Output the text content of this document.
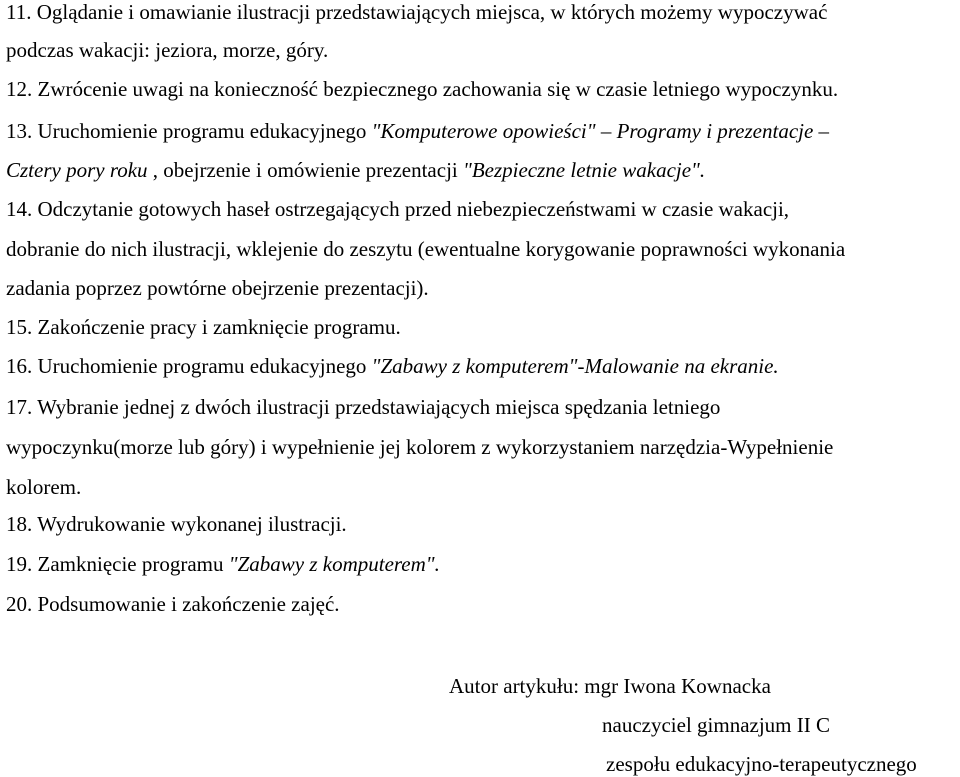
11. Oglądanie i omawianie ilustracji przedstawiających miejsca, w których możemy wypoczywać
podczas wakacji: jeziora, morze, góry.
12. Zwrócenie uwagi na konieczność bezpiecznego zachowania się w czasie letniego wypoczynku.
13. Uruchomienie programu edukacyjnego "Komputerowe opowieści" – Programy i prezentacje –
Cztery pory roku , obejrzenie i omówienie prezentacji "Bezpieczne letnie wakacje".
14. Odczytanie gotowych haseł ostrzegających przed niebezpieczeństwami w czasie wakacji,
dobranie do nich ilustracji, wklejenie do zeszytu (ewentualne korygowanie poprawności wykonania
zadania poprzez powtórne obejrzenie prezentacji).
15. Zakończenie pracy i zamknięcie programu.
16. Uruchomienie programu edukacyjnego "Zabawy z komputerem"-Malowanie na ekranie.
17. Wybranie jednej z dwóch ilustracji przedstawiających miejsca spędzania letniego
wypoczynku(morze lub góry) i wypełnienie jej kolorem z wykorzystaniem narzędzia-Wypełnienie
kolorem.
18. Wydrukowanie wykonanej ilustracji.
19. Zamknięcie programu "Zabawy z komputerem".
20. Podsumowanie i zakończenie zajęć.
Autor artykułu: mgr Iwona Kownacka
nauczyciel gimnazjum II C
zespołu edukacyjno-terapeutycznego
